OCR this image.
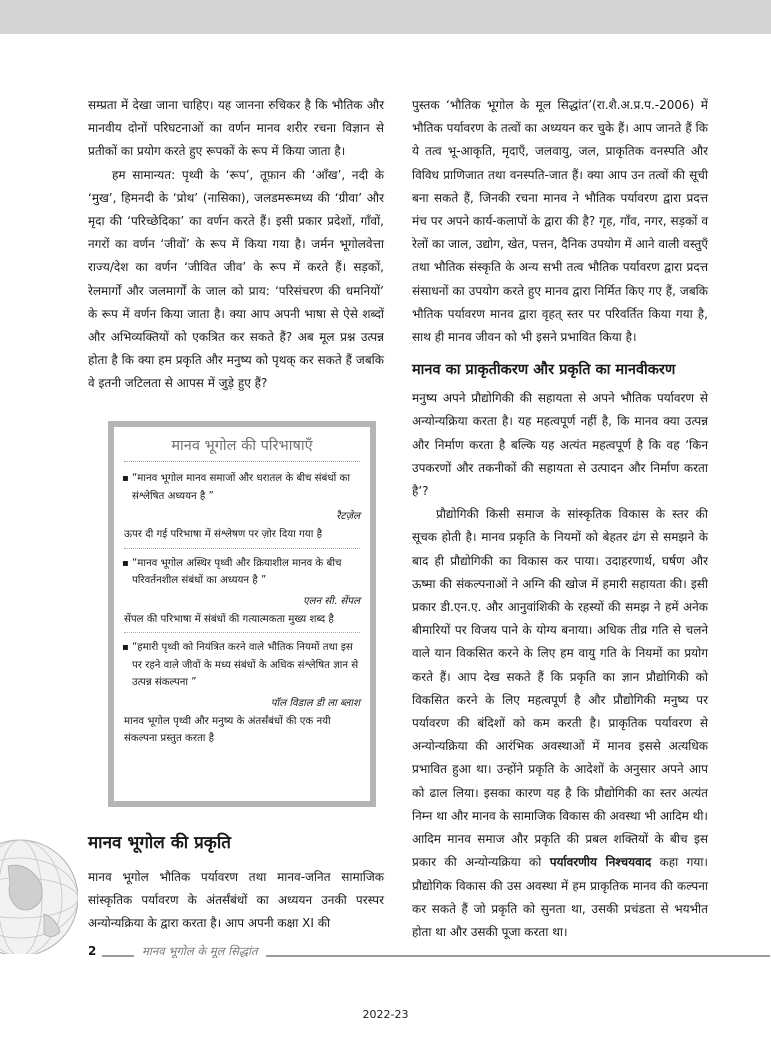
सम्प्रता में देखा जाना चाहिए। यह जानना रुचिकर है कि भौतिक और मानवीय दोनों परिघटनाओं का वर्णन मानव शरीर रचना विज्ञान से प्रतीकों का प्रयोग करते हुए रूपकों के रूप में किया जाता है।

हम सामान्यत: पृथ्वी के ‘रूप’, तूफ़ान की ‘आँख’, नदी के ‘मुख’, हिमनदी के ‘प्रोथ’ (नासिका), जलडमरूमध्य की ‘ग्रीवा’ और मृदा की ‘परिच्छेदिका’ का वर्णन करते हैं। इसी प्रकार प्रदेशों, गाँवों, नगरों का वर्णन ‘जीवों’ के रूप में किया गया है। जर्मन भूगोलवेत्ता राज्य/देश का वर्णन ‘जीवित जीव’ के रूप में करते हैं। सड़कों, रेलमार्गों और जलमार्गों के जाल को प्राय: ‘परिसंचरण की धमनियों’ के रूप में वर्णन किया जाता है। क्या आप अपनी भाषा से ऐसे शब्दों और अभिव्यक्तियों को एकत्रित कर सकते हैं? अब मूल प्रश्न उत्पन्न होता है कि क्या हम प्रकृति और मनुष्य को पृथक् कर सकते हैं जबकि वे इतनी जटिलता से आपस में जुड़े हुए हैं?

मानव भूगोल की परिभाषाएँ

▪ “मानव भूगोल मानव समाजों और धरातल के बीच संबंधों का संश्लेषित अध्ययन है ”

रैटज़ेल

ऊपर दी गई परिभाषा में संश्लेषण पर ज़ोर दिया गया है

▪ “मानव भूगोल अस्थिर पृथ्वी और क्रियाशील मानव के बीच परिवर्तनशील संबंधों का अध्ययन है ”

एलन सी. सेंपल

सेंपल की परिभाषा में संबंधों की गत्यात्मकता मुख्य शब्द है

▪ “हमारी पृथ्वी को नियंत्रित करने वाले भौतिक नियमों तथा इस पर रहने वाले जीवों के मध्य संबंधों के अधिक संश्लेषित ज्ञान से उत्पन्न संकल्पना ”

पॉल विडाल डी ला ब्लाश

मानव भूगोल पृथ्वी और मनुष्य के अंतर्संबंधों की एक नयी संकल्पना प्रस्तुत करता है

मानव भूगोल की प्रकृति

मानव भूगोल भौतिक पर्यावरण तथा मानव-जनित सामाजिक सांस्कृतिक पर्यावरण के अंतर्संबंधों का अध्ययन उनकी परस्पर अन्योन्यक्रिया के द्वारा करता है। आप अपनी कक्षा XI की

पुस्तक ‘भौतिक भूगोल के मूल सिद्धांत’(रा.शै.अ.प्र.प.-2006) में भौतिक पर्यावरण के तत्वों का अध्ययन कर चुके हैं। आप जानते हैं कि ये तत्व भू-आकृति, मृदाएँ, जलवायु, जल, प्राकृतिक वनस्पति और विविध प्राणिजात तथा वनस्पति-जात हैं। क्या आप उन तत्वों की सूची बना सकते हैं, जिनकी रचना मानव ने भौतिक पर्यावरण द्वारा प्रदत्त मंच पर अपने कार्य-कलापों के द्वारा की है? गृह, गाँव, नगर, सड़कों व रेलों का जाल, उद्योग, खेत, पत्तन, दैनिक उपयोग में आने वाली वस्तुएँ तथा भौतिक संस्कृति के अन्य सभी तत्व भौतिक पर्यावरण द्वारा प्रदत्त संसाधनों का उपयोग करते हुए मानव द्वारा निर्मित किए गए हैं, जबकि भौतिक पर्यावरण मानव द्वारा वृहत् स्तर पर परिवर्तित किया गया है, साथ ही मानव जीवन को भी इसने प्रभावित किया है।

मानव का प्राकृतीकरण और प्रकृति का मानवीकरण

मनुष्य अपने प्रौद्योगिकी की सहायता से अपने भौतिक पर्यावरण से अन्योन्यक्रिया करता है। यह महत्वपूर्ण नहीं है, कि मानव क्या उत्पन्न और निर्माण करता है बल्कि यह अत्यंत महत्वपूर्ण है कि वह ‘किन उपकरणों और तकनीकों की सहायता से उत्पादन और निर्माण करता है’?

प्रौद्योगिकी किसी समाज के सांस्कृतिक विकास के स्तर की सूचक होती है। मानव प्रकृति के नियमों को बेहतर ढंग से समझने के बाद ही प्रौद्योगिकी का विकास कर पाया। उदाहरणार्थ, घर्षण और ऊष्मा की संकल्पनाओं ने अग्नि की खोज में हमारी सहायता की। इसी प्रकार डी.एन.ए. और आनुवांशिकी के रहस्यों की समझ ने हमें अनेक बीमारियों पर विजय पाने के योग्य बनाया। अधिक तीव्र गति से चलने वाले यान विकसित करने के लिए हम वायु गति के नियमों का प्रयोग करते हैं। आप देख सकते हैं कि प्रकृति का ज्ञान प्रौद्योगिकी को विकसित करने के लिए महत्वपूर्ण है और प्रौद्योगिकी मनुष्य पर पर्यावरण की बंदिशों को कम करती है। प्राकृतिक पर्यावरण से अन्योन्यक्रिया की आरंभिक अवस्थाओं में मानव इससे अत्यधिक प्रभावित हुआ था। उन्होंने प्रकृति के आदेशों के अनुसार अपने आप को ढाल लिया। इसका कारण यह है कि प्रौद्योगिकी का स्तर अत्यंत निम्न था और मानव के सामाजिक विकास की अवस्था भी आदिम थी। आदिम मानव समाज और प्रकृति की प्रबल शक्तियों के बीच इस प्रकार की अन्योन्यक्रिया को पर्यावरणीय निश्चयवाद कहा गया। प्रौद्योगिक विकास की उस अवस्था में हम प्राकृतिक मानव की कल्पना कर सकते हैं जो प्रकृति को सुनता था, उसकी प्रचंडता से भयभीत होता था और उसकी पूजा करता था।

2	मानव भूगोल के मूल सिद्धांत
2022-23
